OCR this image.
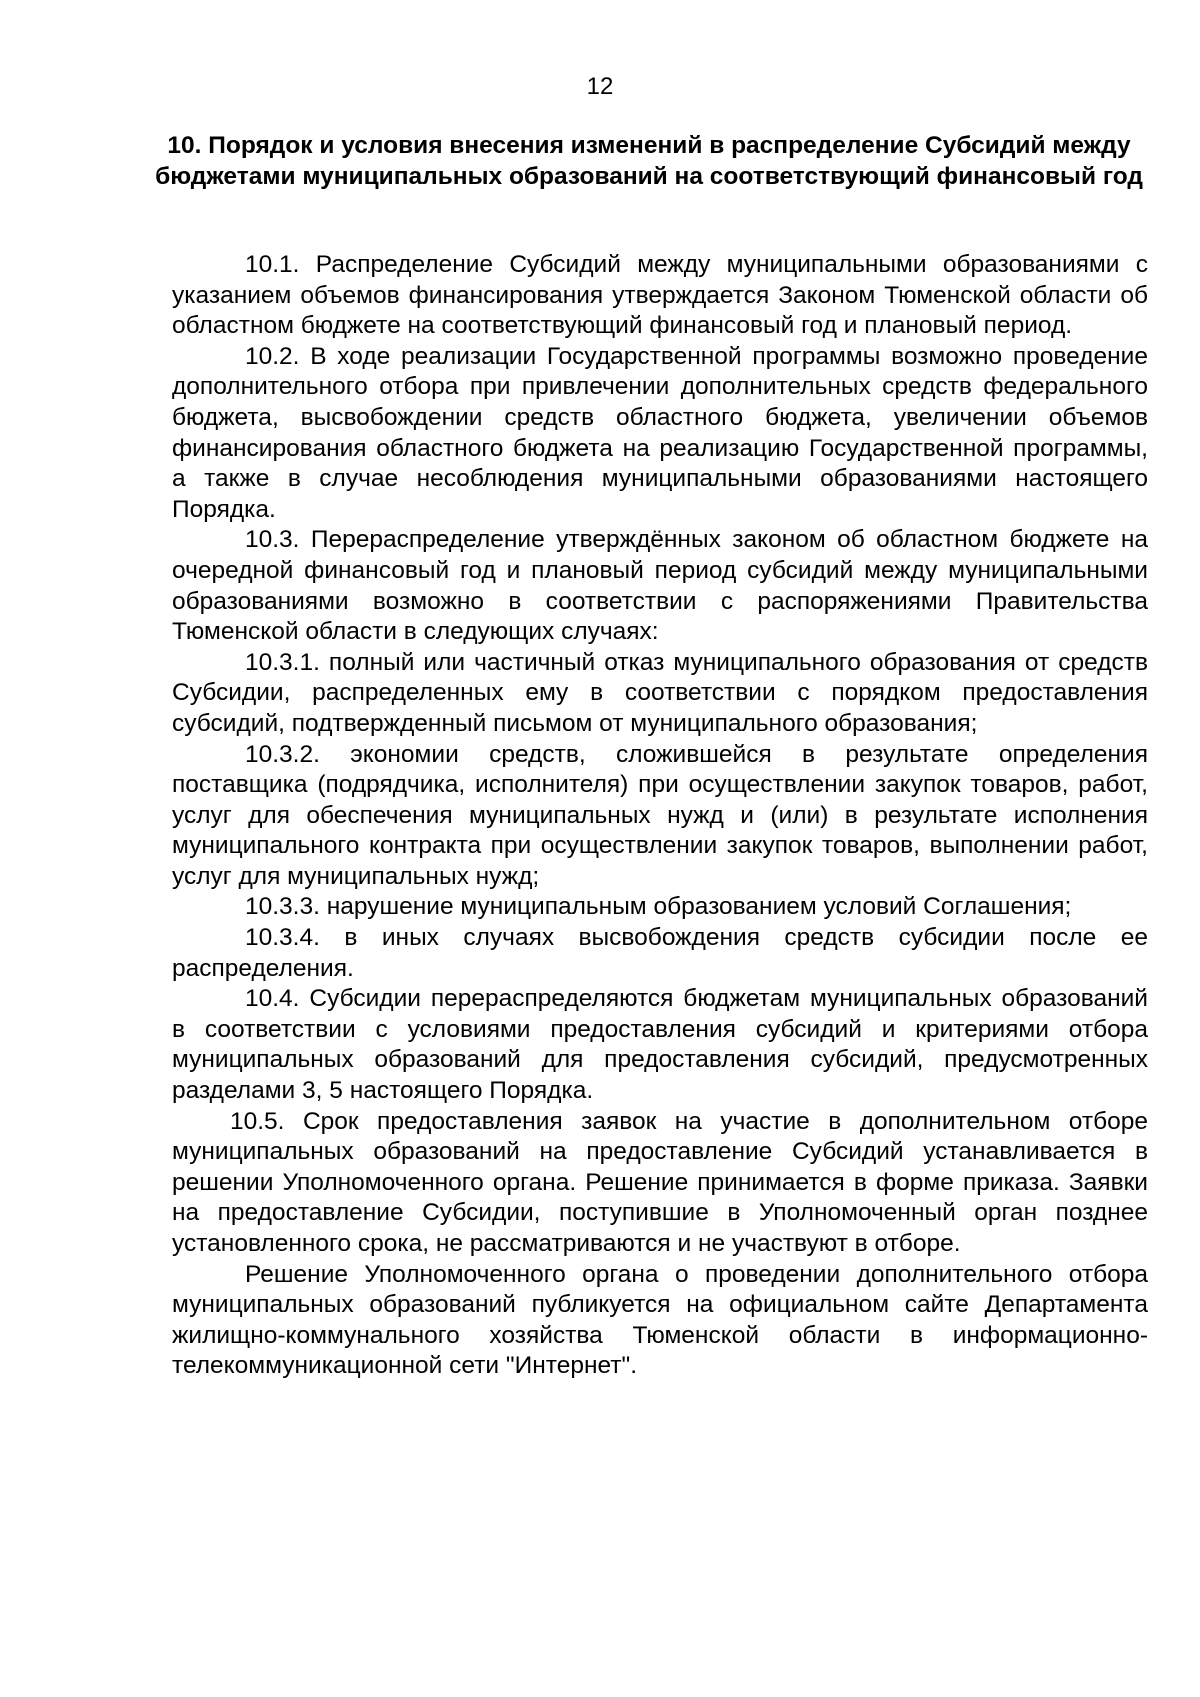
12
10. Порядок и условия внесения изменений в распределение Субсидий между бюджетами муниципальных образований на соответствующий финансовый год

10.1. Распределение Субсидий между муниципальными образованиями с указанием объемов финансирования утверждается Законом Тюменской области об областном бюджете на соответствующий финансовый год и плановый период.

10.2. В ходе реализации Государственной программы возможно проведение дополнительного отбора при привлечении дополнительных средств федерального бюджета, высвобождении средств областного бюджета, увеличении объемов финансирования областного бюджета на реализацию Государственной программы, а также в случае несоблюдения муниципальными образованиями настоящего Порядка.

10.3. Перераспределение утверждённых законом об областном бюджете на очередной финансовый год и плановый период субсидий между муниципальными образованиями возможно в соответствии с распоряжениями Правительства Тюменской области в следующих случаях:

10.3.1. полный или частичный отказ муниципального образования от средств Субсидии, распределенных ему в соответствии с порядком предоставления субсидий, подтвержденный письмом от муниципального образования;

10.3.2. экономии средств, сложившейся в результате определения поставщика (подрядчика, исполнителя) при осуществлении закупок товаров, работ, услуг для обеспечения муниципальных нужд и (или) в результате исполнения муниципального контракта при осуществлении закупок товаров, выполнении работ, услуг для муниципальных нужд;

10.3.3. нарушение муниципальным образованием условий Соглашения;

10.3.4. в иных случаях высвобождения средств субсидии после ее распределения.

10.4. Субсидии перераспределяются бюджетам муниципальных образований в соответствии с условиями предоставления субсидий и критериями отбора муниципальных образований для предоставления субсидий, предусмотренных разделами 3, 5 настоящего Порядка.

10.5. Срок предоставления заявок на участие в дополнительном отборе муниципальных образований на предоставление Субсидий устанавливается в решении Уполномоченного органа. Решение принимается в форме приказа. Заявки на предоставление Субсидии, поступившие в Уполномоченный орган позднее установленного срока, не рассматриваются и не участвуют в отборе.

Решение Уполномоченного органа о проведении дополнительного отбора муниципальных образований публикуется на официальном сайте Департамента жилищно-коммунального хозяйства Тюменской области в информационно-телекоммуникационной сети "Интернет".
